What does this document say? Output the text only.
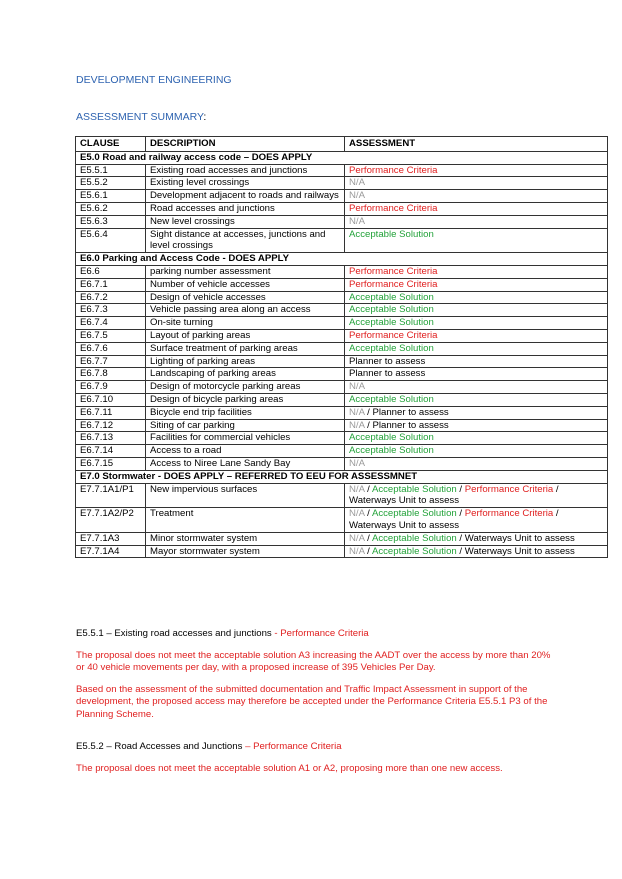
DEVELOPMENT ENGINEERING
ASSESSMENT SUMMARY:
CLAUSE	DESCRIPTION	ASSESSMENT
E5.0 Road and railway access code – DOES APPLY		
E5.5.1	Existing road accesses and junctions	Performance Criteria
E5.5.2	Existing level crossings	N/A
E5.6.1	Development adjacent to roads and railways	N/A
E5.6.2	Road accesses and junctions	Performance Criteria
E5.6.3	New level crossings	N/A
E5.6.4	Sight distance at accesses, junctions and level crossings	Acceptable Solution
E6.0 Parking and Access Code - DOES APPLY		
E6.6	parking number assessment	Performance Criteria
E6.7.1	Number of vehicle accesses	Performance Criteria
E6.7.2	Design of vehicle accesses	Acceptable Solution
E6.7.3	Vehicle passing area along an access	Acceptable Solution
E6.7.4	On-site turning	Acceptable Solution
E6.7.5	Layout of parking areas	Performance Criteria
E6.7.6	Surface treatment of parking areas	Acceptable Solution
E6.7.7	Lighting of parking areas	Planner to assess
E6.7.8	Landscaping of parking areas	Planner to assess
E6.7.9	Design of motorcycle parking areas	N/A
E6.7.10	Design of bicycle parking areas	Acceptable Solution
E6.7.11	Bicycle end trip facilities	N/A / Planner to assess
E6.7.12	Siting of car parking	N/A / Planner to assess
E6.7.13	Facilities for commercial vehicles	Acceptable Solution
E6.7.14	Access to a road	Acceptable Solution
E6.7.15	Access to Niree Lane Sandy Bay	N/A
E7.0 Stormwater - DOES APPLY – REFERRED TO EEU FOR ASSESSMNET		
E7.7.1A1/P1	New impervious surfaces	N/A / Acceptable Solution / Performance Criteria / Waterways Unit to assess
E7.7.1A2/P2	Treatment	N/A / Acceptable Solution / Performance Criteria / Waterways Unit to assess
E7.7.1A3	Minor stormwater system	N/A / Acceptable Solution / Waterways Unit to assess
E7.7.1A4	Mayor stormwater system	N/A / Acceptable Solution / Waterways Unit to assess
E5.5.1 – Existing road accesses and junctions - Performance Criteria
The proposal does not meet the acceptable solution A3 increasing the AADT over the access by more than 20% or 40 vehicle movements per day, with a proposed increase of 395 Vehicles Per Day.
Based on the assessment of the submitted documentation and Traffic Impact Assessment in support of the development, the proposed access may therefore be accepted under the Performance Criteria E5.5.1 P3 of the Planning Scheme.
E5.5.2 – Road Accesses and Junctions – Performance Criteria
The proposal does not meet the acceptable solution A1 or A2, proposing more than one new access.
